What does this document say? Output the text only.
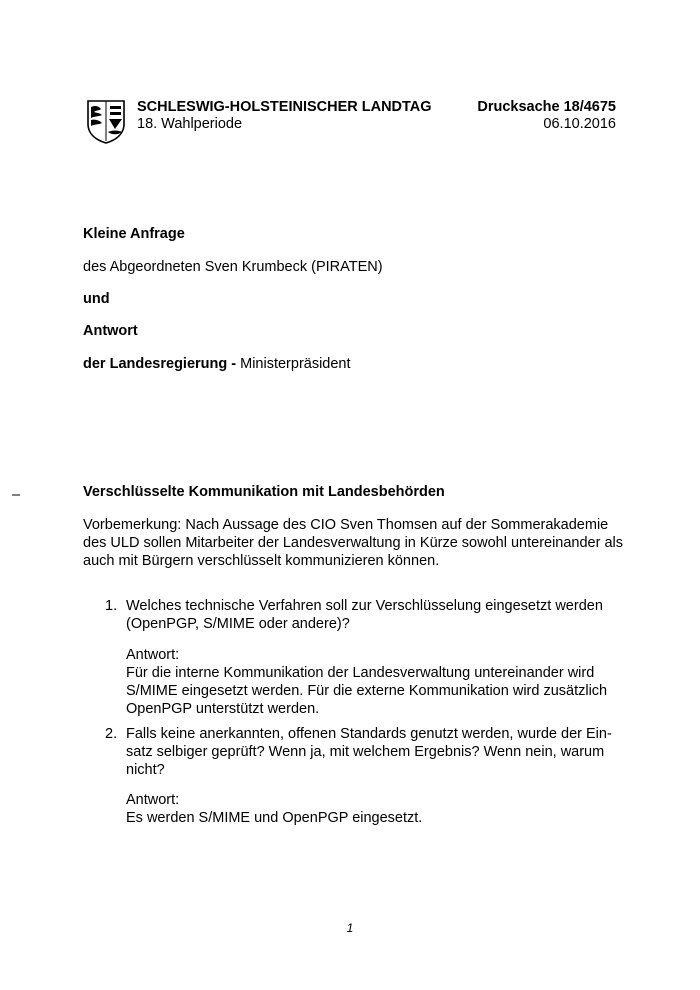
SCHLESWIG-HOLSTEINISCHER LANDTAG
18. Wahlperiode
Drucksache 18/4675
06.10.2016
Kleine Anfrage
des Abgeordneten Sven Krumbeck (PIRATEN)
und
Antwort
der Landesregierung - Ministerpräsident
–	Verschlüsselte Kommunikation mit Landesbehörden

Vorbemerkung: Nach Aussage des CIO Sven Thomsen auf der Sommerakademie

des ULD sollen Mitarbeiter der Landesverwaltung in Kürze sowohl untereinander als

auch mit Bürgern verschlüsselt kommunizieren können.

1. Welches technische Verfahren soll zur Verschlüsselung eingesetzt werden

(OpenPGP, S/MIME oder andere)?

Antwort:

Für die interne Kommunikation der Landesverwaltung untereinander wird

S/MIME eingesetzt werden. Für die externe Kommunikation wird zusätzlich

OpenPGP unterstützt werden.

2. Falls keine anerkannten, offenen Standards genutzt werden, wurde der Ein-

satz selbiger geprüft? Wenn ja, mit welchem Ergebnis? Wenn nein, warum

nicht?

Antwort:

Es werden S/MIME und OpenPGP eingesetzt.

1
